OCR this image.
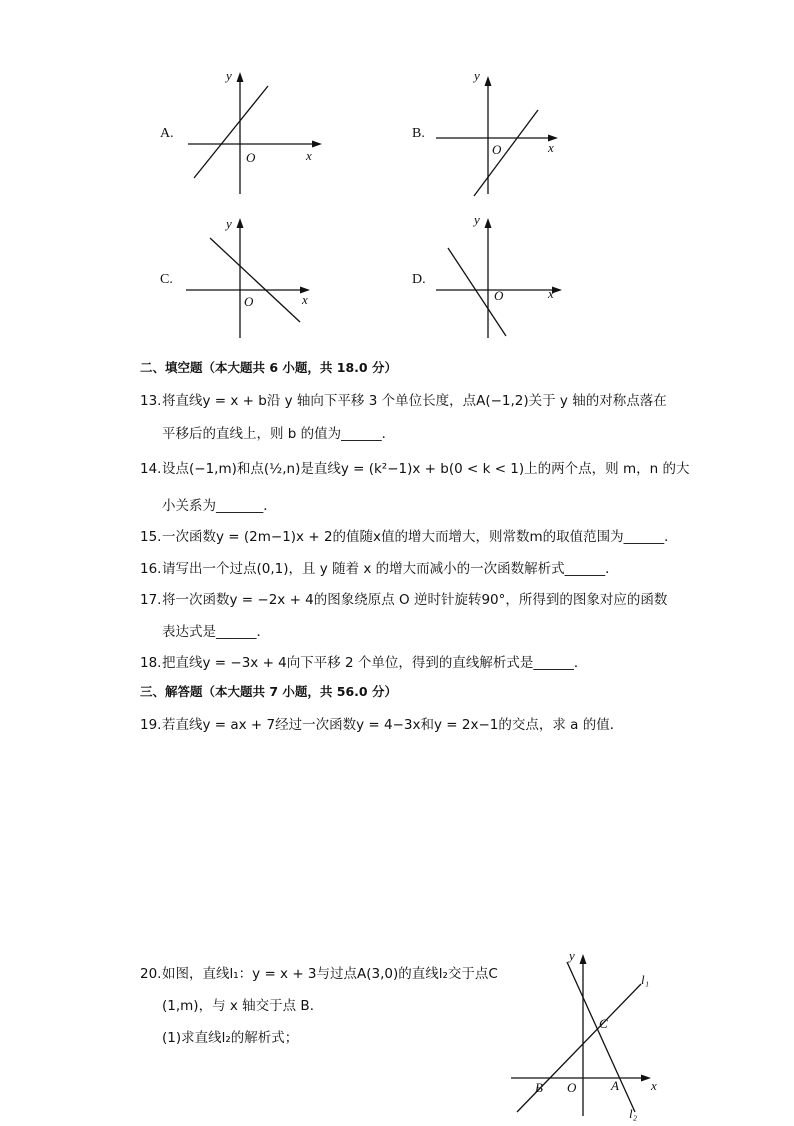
A.
y
x
O
B.
y
x
O
C.
y
x
O
D.
y
x
O
二、填空题（本大题共 6 小题，共 18.0 分）
13.将直线y = x + b沿 y 轴向下平移 3 个单位长度，点A(−1,2)关于 y 轴的对称点落在
平移后的直线上，则 b 的值为______．
14.设点(−1,m)和点(½,n)是直线y = (k²−1)x + b(0 < k < 1)上的两个点，则 m，n 的大
小关系为_______．
15.一次函数y = (2m−1)x + 2的值随x值的增大而增大，则常数m的取值范围为______．
16.请写出一个过点(0,1)，且 y 随着 x 的增大而减小的一次函数解析式______．
17.将一次函数y = −2x + 4的图象绕原点 O 逆时针旋转90°，所得到的图象对应的函数
表达式是______．
18.把直线y = −3x + 4向下平移 2 个单位，得到的直线解析式是______．
三、解答题（本大题共 7 小题，共 56.0 分）
19.若直线y = ax + 7经过一次函数y = 4−3x和y = 2x−1的交点，求 a 的值．
20.如图，直线l₁：y = x + 3与过点A(3,0)的直线l₂交于点C
(1,m)，与 x 轴交于点 B．
(1)求直线l₂的解析式；
y
x
l₁
l₂
C
B O	A
